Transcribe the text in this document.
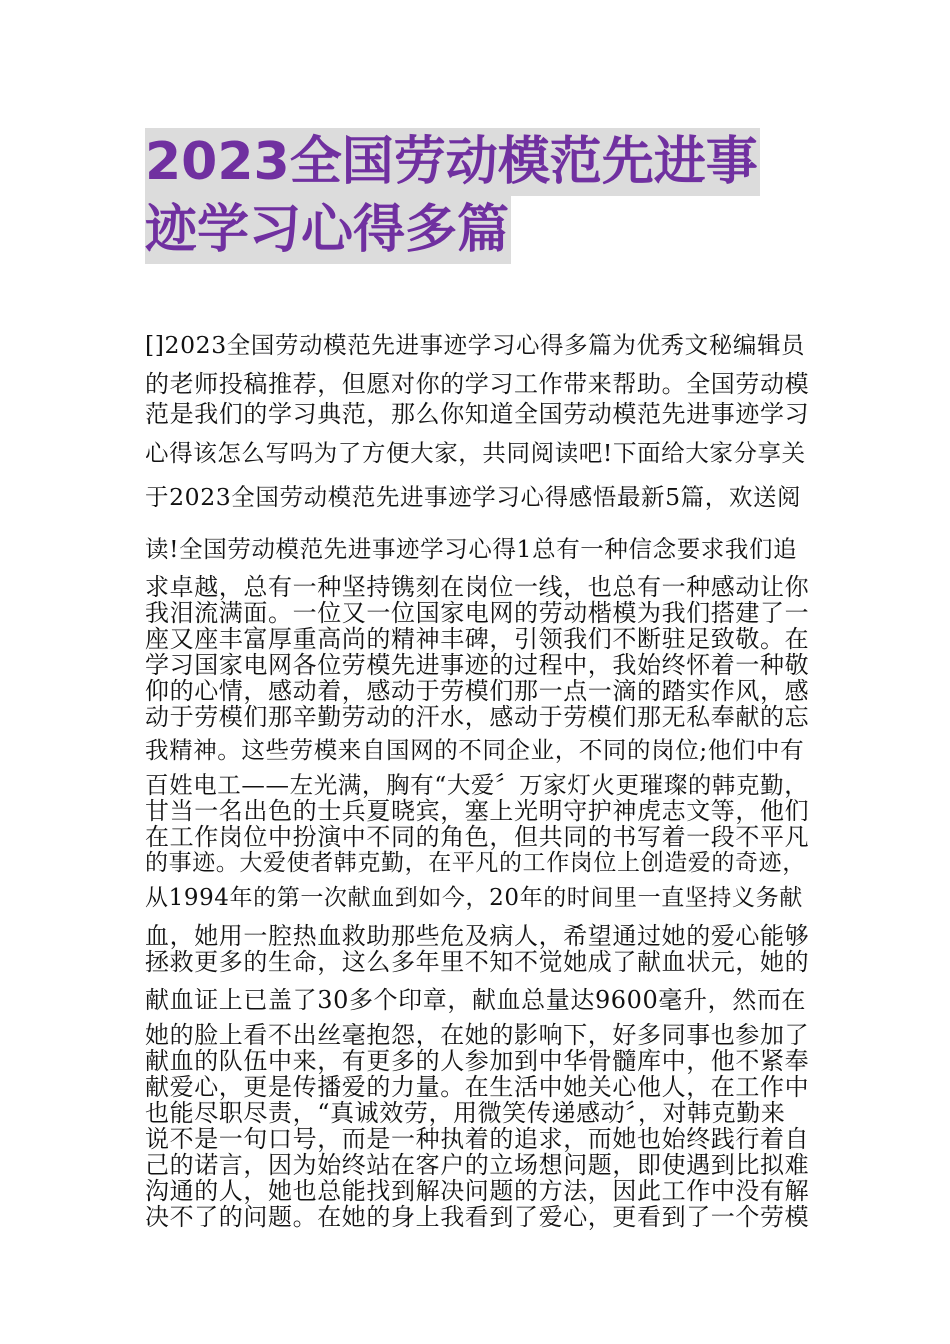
2023全国劳动模范先进事
迹学习心得多篇
[]2023全国劳动模范先进事迹学习心得多篇为优秀文秘编辑员
的老师投稿推荐，但愿对你的学习工作带来帮助。全国劳动模
范是我们的学习典范，那么你知道全国劳动模范先进事迹学习
心得该怎么写吗为了方便大家，共同阅读吧!下面给大家分享关
于2023全国劳动模范先进事迹学习心得感悟最新5篇，欢送阅
读!全国劳动模范先进事迹学习心得1总有一种信念要求我们追
求卓越，总有一种坚持镌刻在岗位一线，也总有一种感动让你
我泪流满面。一位又一位国家电网的劳动楷模为我们搭建了一
座又座丰富厚重高尚的精神丰碑，引领我们不断驻足致敬。在
学习国家电网各位劳模先进事迹的过程中，我始终怀着一种敬
仰的心情，感动着，感动于劳模们那一点一滴的踏实作风，感
动于劳模们那辛勤劳动的汗水，感动于劳模们那无私奉献的忘
我精神。这些劳模来自国网的不同企业，不同的岗位;他们中有
百姓电工——左光满，胸有“大爱〞万家灯火更璀璨的韩克勤，
甘当一名出色的士兵夏晓宾，塞上光明守护神虎志文等，他们
在工作岗位中扮演中不同的角色，但共同的书写着一段不平凡
的事迹。大爱使者韩克勤，在平凡的工作岗位上创造爱的奇迹，
从1994年的第一次献血到如今，20年的时间里一直坚持义务献
血，她用一腔热血救助那些危及病人，希望通过她的爱心能够
拯救更多的生命，这么多年里不知不觉她成了献血状元，她的
献血证上已盖了30多个印章，献血总量达9600毫升，然而在
她的脸上看不出丝毫抱怨，在她的影响下，好多同事也参加了
献血的队伍中来，有更多的人参加到中华骨髓库中，他不紧奉
献爱心，更是传播爱的力量。在生活中她关心他人，在工作中
也能尽职尽责，“真诚效劳，用微笑传递感动〞，对韩克勤来
说不是一句口号，而是一种执着的追求，而她也始终践行着自
己的诺言，因为始终站在客户的立场想问题，即使遇到比拟难
沟通的人，她也总能找到解决问题的方法，因此工作中没有解
决不了的问题。在她的身上我看到了爱心，更看到了一个劳模
